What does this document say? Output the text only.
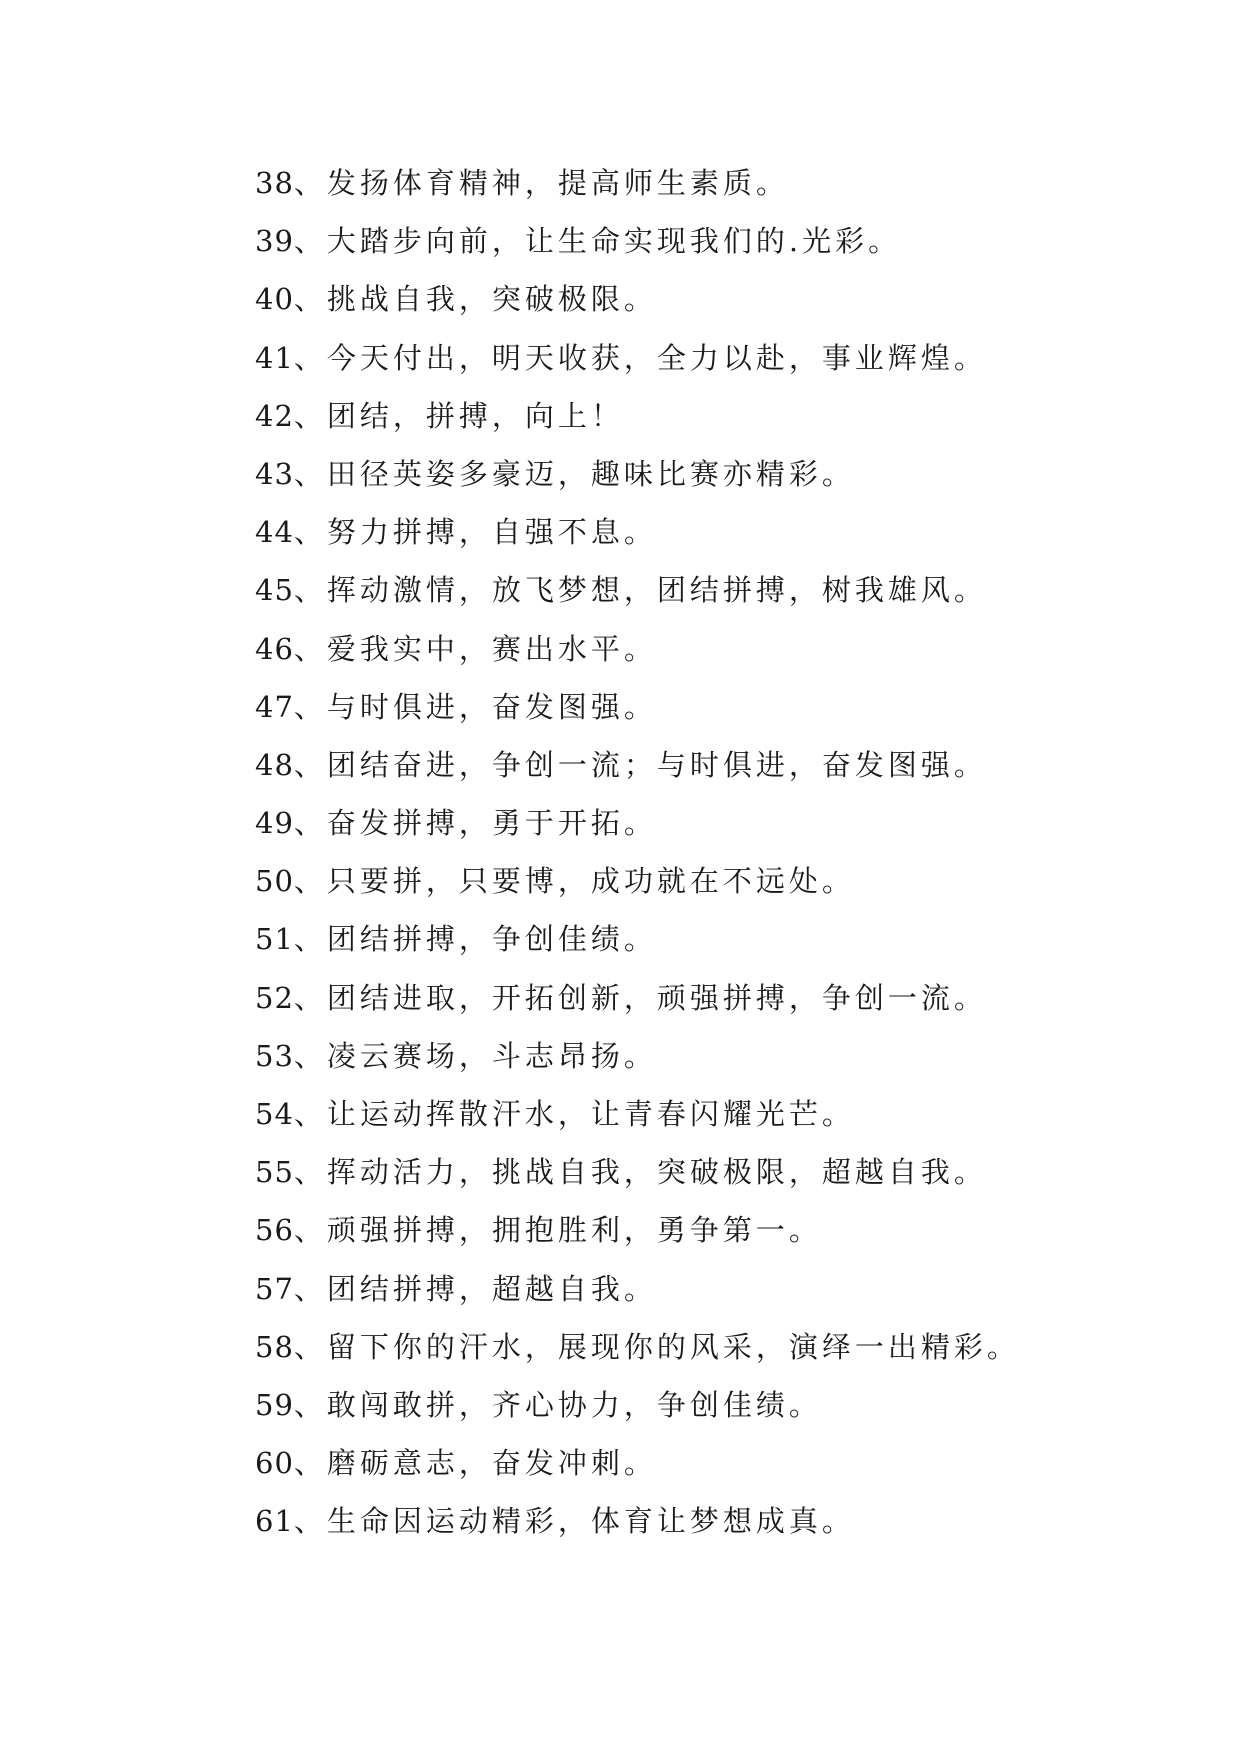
38 、发扬体育精神，提高师生素质。
39 、大踏步向前，让生命实现我们的.光彩。
40 、挑战自我，突破极限。
41 、今天付出，明天收获，全力以赴，事业辉煌。
42 、团结，拼搏，向上！
43 、田径英姿多豪迈，趣味比赛亦精彩。
44 、努力拼搏，自强不息。
45 、挥动激情，放飞梦想，团结拼搏，树我雄风。
46 、爱我实中，赛出水平。
47 、与时俱进，奋发图强。
48 、团结奋进，争创一流；与时俱进，奋发图强。
49 、奋发拼搏，勇于开拓。
50 、只要拼，只要博，成功就在不远处。
51 、团结拼搏，争创佳绩。
52 、团结进取，开拓创新，顽强拼搏，争创一流。
53 、凌云赛场，斗志昂扬。
54 、让运动挥散汗水，让青春闪耀光芒。
55 、挥动活力，挑战自我，突破极限，超越自我。
56 、顽强拼搏，拥抱胜利，勇争第一。
57 、团结拼搏，超越自我。
58 、留下你的汗水，展现你的风采，演绎一出精彩。
59 、敢闯敢拼，齐心协力，争创佳绩。
60 、磨砺意志，奋发冲刺。
61 、生命因运动精彩，体育让梦想成真。
